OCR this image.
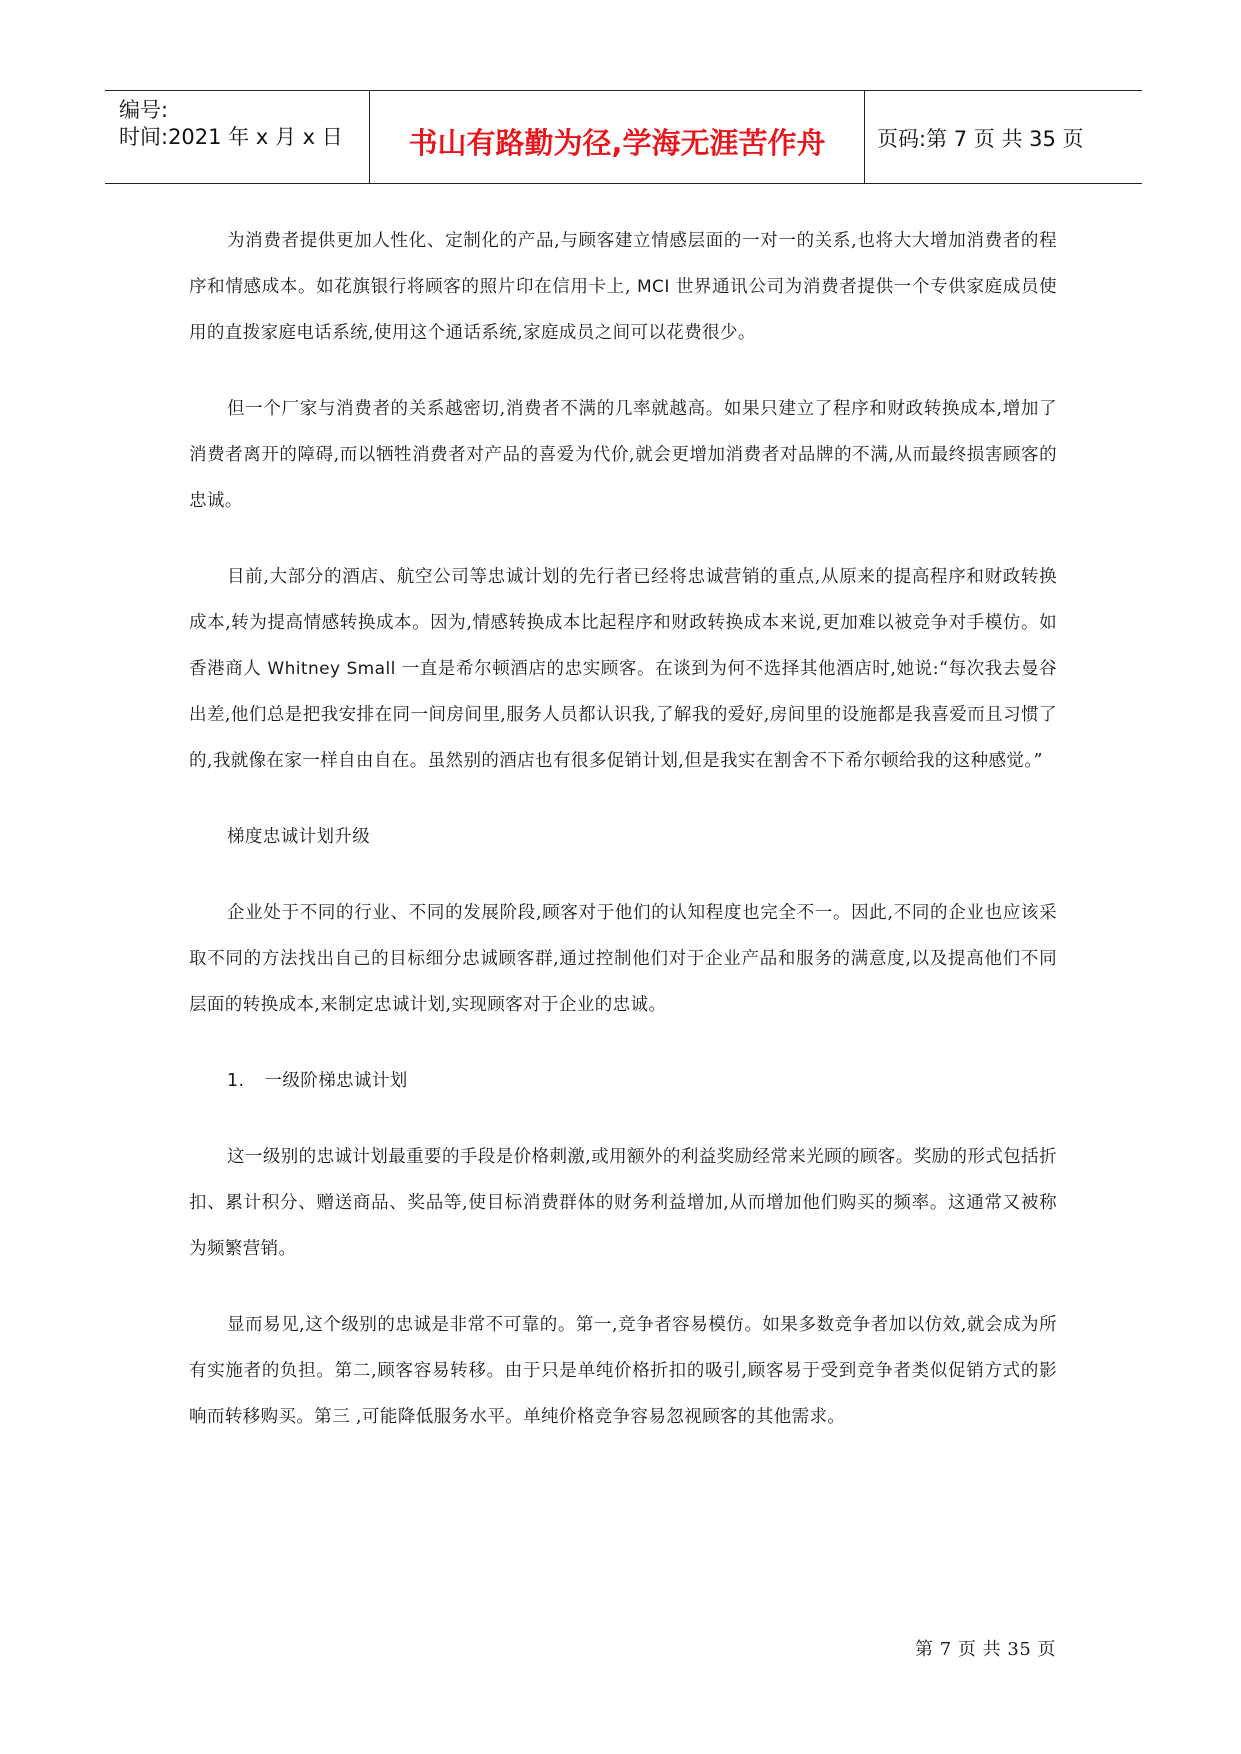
编号:
时间:2021 年 x 月 x 日	书山有路勤为径,学海无涯苦作舟	页码:第 7 页 共 35 页

为消费者提供更加人性化、定制化的产品,与顾客建立情感层面的一对一的关系,也将大大增加消费者的程序和情感成本。如花旗银行将顾客的照片印在信用卡上, MCI 世界通讯公司为消费者提供一个专供家庭成员使用的直拨家庭电话系统,使用这个通话系统,家庭成员之间可以花费很少。

但一个厂家与消费者的关系越密切,消费者不满的几率就越高。如果只建立了程序和财政转换成本,增加了消费者离开的障碍,而以牺牲消费者对产品的喜爱为代价,就会更增加消费者对品牌的不满,从而最终损害顾客的忠诚。

目前,大部分的酒店、航空公司等忠诚计划的先行者已经将忠诚营销的重点,从原来的提高程序和财政转换成本,转为提高情感转换成本。因为,情感转换成本比起程序和财政转换成本来说,更加难以被竞争对手模仿。如香港商人 Whitney Small 一直是希尔顿酒店的忠实顾客。在谈到为何不选择其他酒店时,她说:“每次我去曼谷出差,他们总是把我安排在同一间房间里,服务人员都认识我,了解我的爱好,房间里的设施都是我喜爱而且习惯了的,我就像在家一样自由自在。虽然别的酒店也有很多促销计划,但是我实在割舍不下希尔顿给我的这种感觉。”

梯度忠诚计划升级

企业处于不同的行业、不同的发展阶段,顾客对于他们的认知程度也完全不一。因此,不同的企业也应该采取不同的方法找出自己的目标细分忠诚顾客群,通过控制他们对于企业产品和服务的满意度,以及提高他们不同层面的转换成本,来制定忠诚计划,实现顾客对于企业的忠诚。

1. 一级阶梯忠诚计划

这一级别的忠诚计划最重要的手段是价格刺激,或用额外的利益奖励经常来光顾的顾客。奖励的形式包括折扣、累计积分、赠送商品、奖品等,使目标消费群体的财务利益增加,从而增加他们购买的频率。这通常又被称为频繁营销。

显而易见,这个级别的忠诚是非常不可靠的。第一,竞争者容易模仿。如果多数竞争者加以仿效,就会成为所有实施者的负担。第二,顾客容易转移。由于只是单纯价格折扣的吸引,顾客易于受到竞争者类似促销方式的影响而转移购买。第三 ,可能降低服务水平。单纯价格竞争容易忽视顾客的其他需求。

第 7 页 共 35 页
